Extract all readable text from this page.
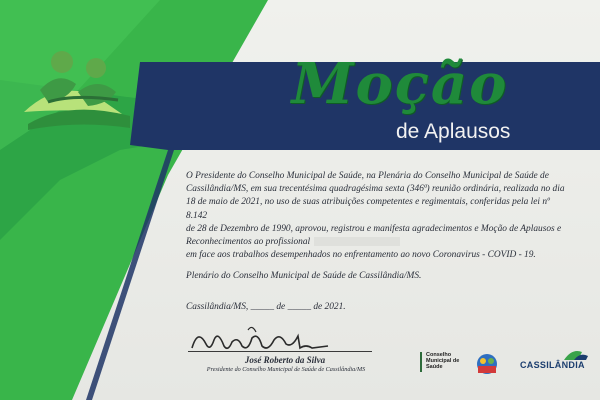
Moção
de Aplausos

O Presidente do Conselho Municipal de Saúde, na Plenária do Conselho Municipal de Saúde de

Cassilândia/MS, em sua trecentésima quadragésima sexta (346ª) reunião ordinária, realizada no dia

18 de maio de 2021, no uso de suas atribuições competentes e regimentais, conferidas pela lei nº 8.142

de 28 de Dezembro de 1990, aprovou, registrou e manifesta agradecimentos e Moção de Aplausos e

Reconhecimentos ao profissional

em face aos trabalhos desempenhados no enfrentamento ao novo Coronavirus - COVID - 19.

Plenário do Conselho Municipal de Saúde de Cassilândia/MS.

Cassilândia/MS, _____ de _____ de 2021.
José Roberto da Silva
Presidente do Conselho Municipal de Saúde de Cassilândia/MS
Conselho Municipal de Saúde	CASSILÂNDIA
